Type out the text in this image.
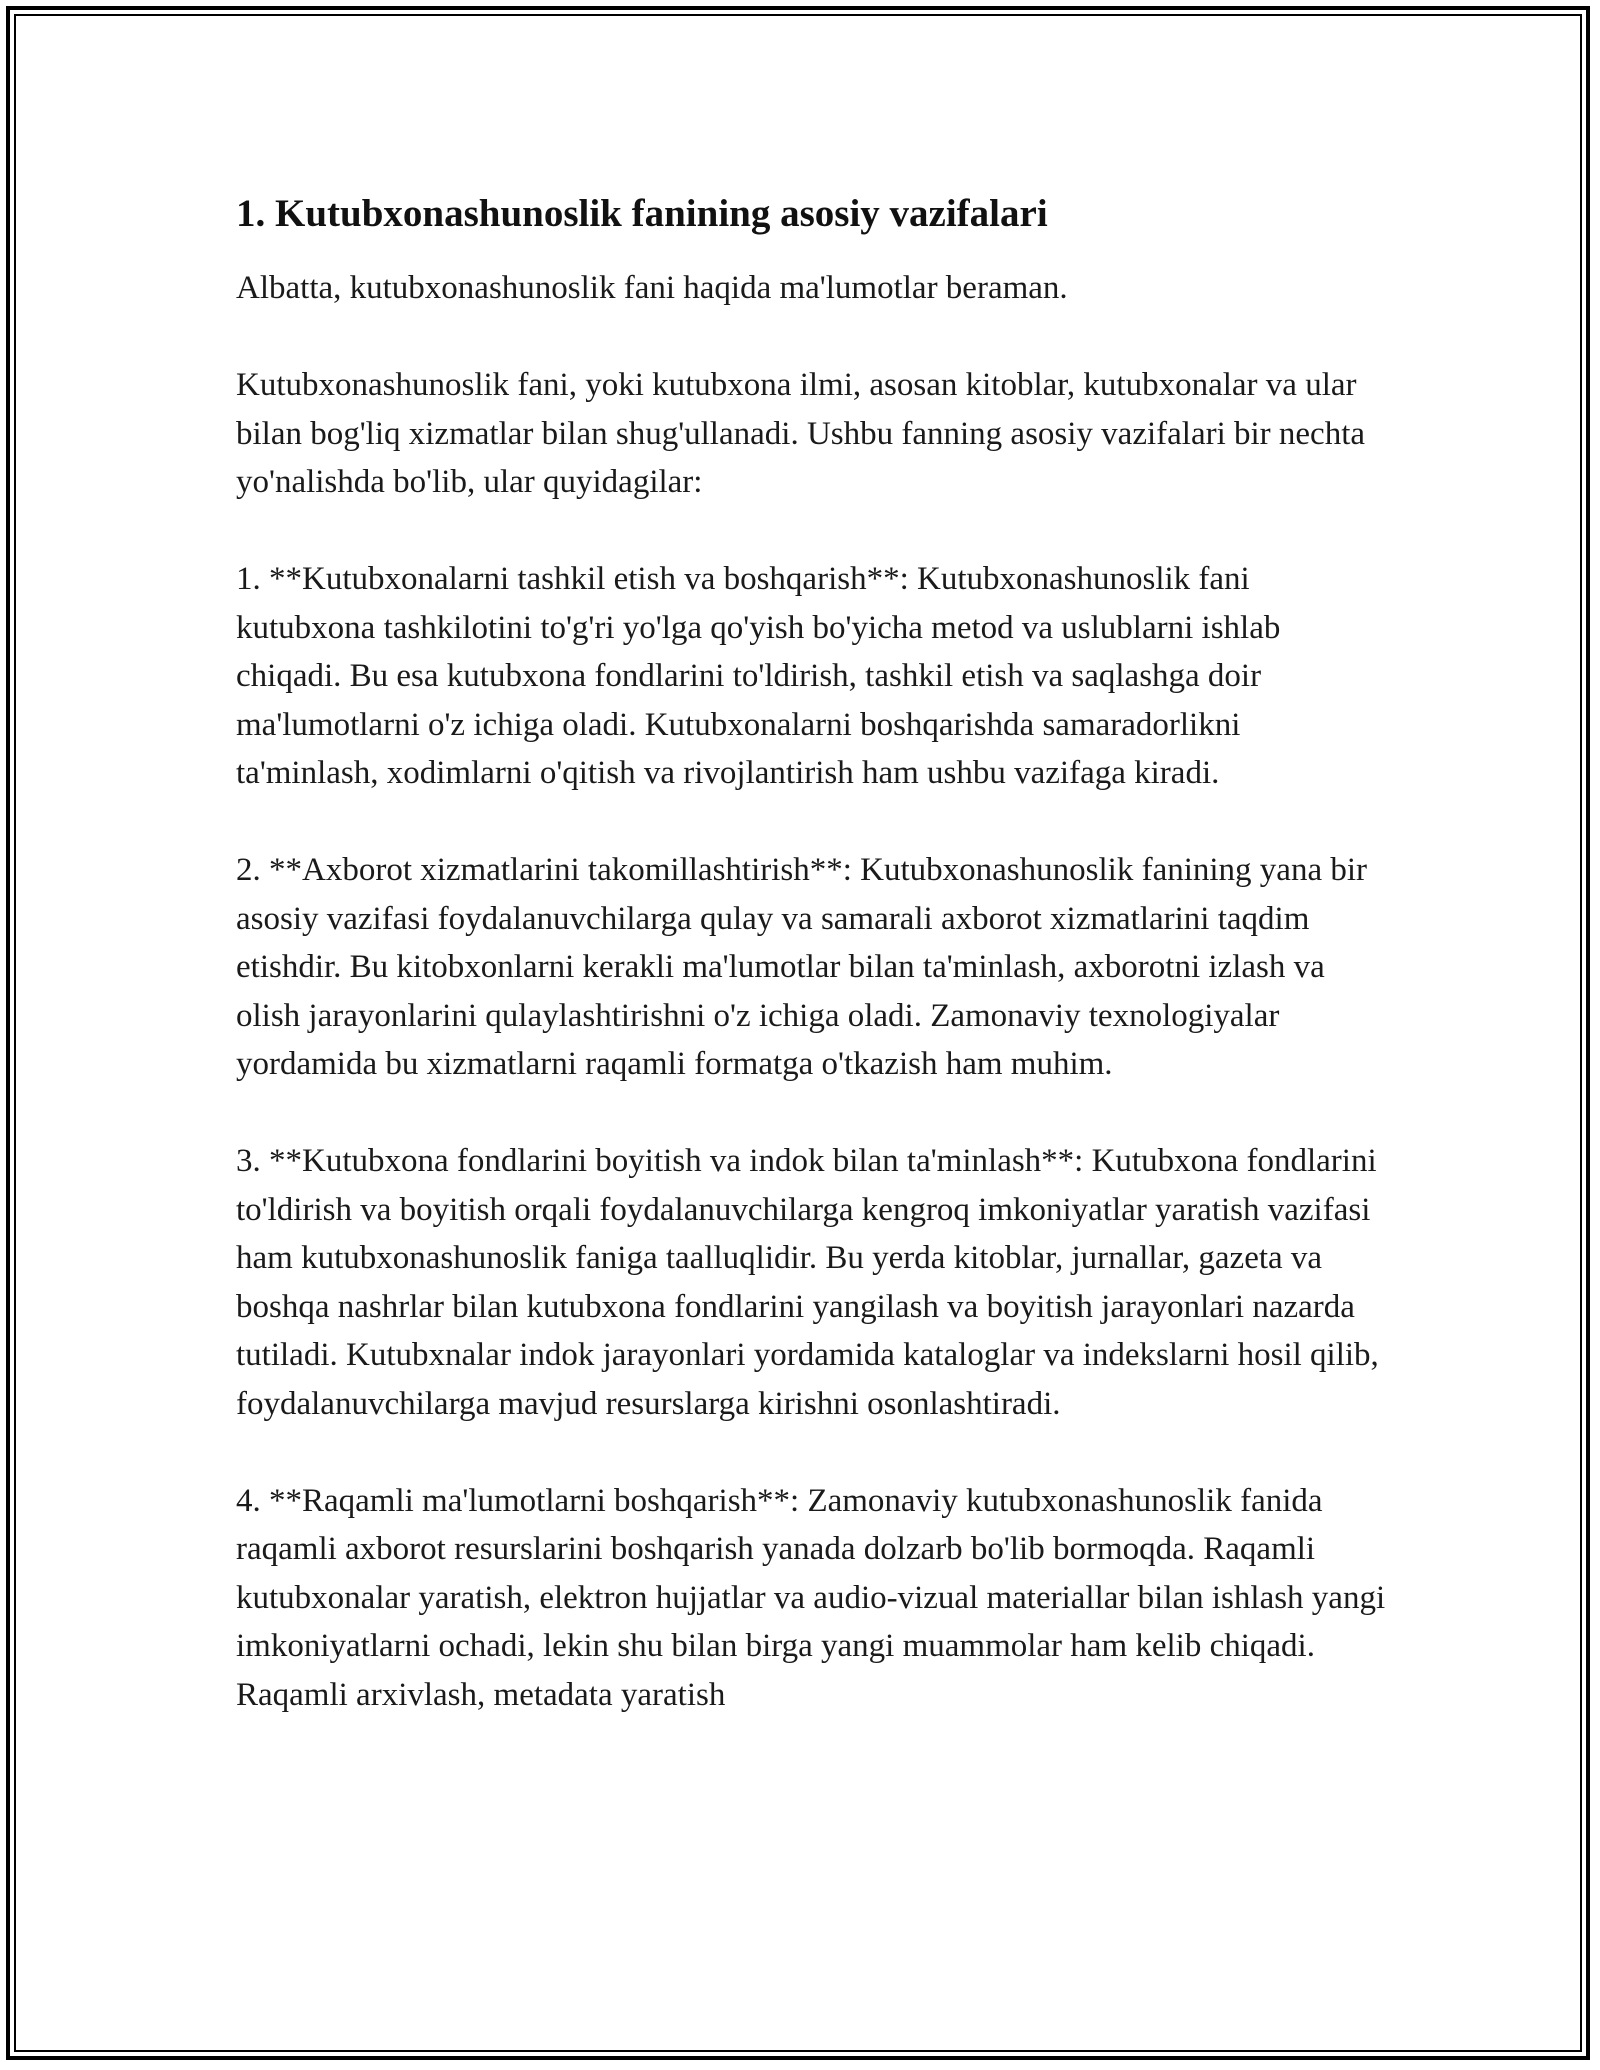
1. Kutubxonashunoslik fanining asosiy vazifalari

Albatta, kutubxonashunoslik fani haqida ma'lumotlar beraman.

Kutubxonashunoslik fani, yoki kutubxona ilmi, asosan kitoblar, kutubxonalar va ular bilan bog'liq xizmatlar bilan shug'ullanadi. Ushbu fanning asosiy vazifalari bir nechta yo'nalishda bo'lib, ular quyidagilar:

1. **Kutubxonalarni tashkil etish va boshqarish**: Kutubxonashunoslik fani kutubxona tashkilotini to'g'ri yo'lga qo'yish bo'yicha metod va uslublarni ishlab chiqadi. Bu esa kutubxona fondlarini to'ldirish, tashkil etish va saqlashga doir ma'lumotlarni o'z ichiga oladi. Kutubxonalarni boshqarishda samaradorlikni ta'minlash, xodimlarni o'qitish va rivojlantirish ham ushbu vazifaga kiradi.

2. **Axborot xizmatlarini takomillashtirish**: Kutubxonashunoslik fanining yana bir asosiy vazifasi foydalanuvchilarga qulay va samarali axborot xizmatlarini taqdim etishdir. Bu kitobxonlarni kerakli ma'lumotlar bilan ta'minlash, axborotni izlash va olish jarayonlarini qulaylashtirishni o'z ichiga oladi. Zamonaviy texnologiyalar yordamida bu xizmatlarni raqamli formatga o'tkazish ham muhim.

3. **Kutubxona fondlarini boyitish va indok bilan ta'minlash**: Kutubxona fondlarini to'ldirish va boyitish orqali foydalanuvchilarga kengroq imkoniyatlar yaratish vazifasi ham kutubxonashunoslik faniga taalluqlidir. Bu yerda kitoblar, jurnallar, gazeta va boshqa nashrlar bilan kutubxona fondlarini yangilash va boyitish jarayonlari nazarda tutiladi. Kutubxnalar indok jarayonlari yordamida kataloglar va indekslarni hosil qilib, foydalanuvchilarga mavjud resurslarga kirishni osonlashtiradi.

4. **Raqamli ma'lumotlarni boshqarish**: Zamonaviy kutubxonashunoslik fanida raqamli axborot resurslarini boshqarish yanada dolzarb bo'lib bormoqda. Raqamli kutubxonalar yaratish, elektron hujjatlar va audio-vizual materiallar bilan ishlash yangi imkoniyatlarni ochadi, lekin shu bilan birga yangi muammolar ham kelib chiqadi. Raqamli arxivlash, metadata yaratish
